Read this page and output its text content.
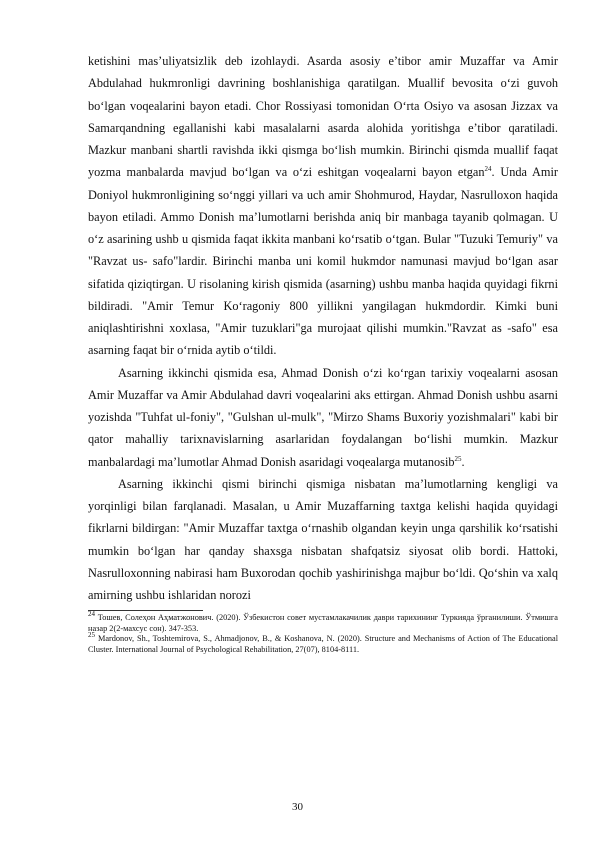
ketishini mas’uliyatsizlik deb izohlaydi. Asarda asosiy e’tibor amir Muzaffar va Amir Abdulahad hukmronligi davrining boshlanishiga qaratilgan. Muallif bevosita o‘zi guvoh bo‘lgan voqealarini bayon etadi. Chor Rossiyasi tomonidan O‘rta Osiyo va asosan Jizzax va Samarqandning egallanishi kabi masalalarni asarda alohida yoritishga e’tibor qaratiladi. Mazkur manbani shartli ravishda ikki qismga bo‘lish mumkin. Birinchi qismda muallif faqat yozma manbalarda mavjud bo‘lgan va o‘zi eshitgan voqealarni bayon etgan$^{24}$. Unda Amir Doniyol hukmronligining so‘nggi yillari va uch amir Shohmurod, Haydar, Nasrulloxon haqida bayon etiladi. Ammo Donish ma’lumotlarni berishda aniq bir manbaga tayanib qolmagan. U o‘z asarining ushb u qismida faqat ikkita manbani ko‘rsatib o‘tgan. Bular "Tuzuki Temuriy" va "Ravzat us- safo"lardir. Birinchi manba uni komil hukmdor namunasi mavjud bo‘lgan asar sifatida qiziqtirgan. U risolaning kirish qismida (asarning) ushbu manba haqida quyidagi fikrni bildiradi. "Amir Temur Ko‘ragoniy 800 yillikni yangilagan hukmdordir. Kimki buni aniqlashtirishni xoxlasa, "Amir tuzuklari"ga murojaat qilishi mumkin."Ravzat as -safo" esa asarning faqat bir o‘rnida aytib o‘tildi.

Asarning ikkinchi qismida esa, Ahmad Donish o‘zi ko‘rgan tarixiy voqealarni asosan Amir Muzaffar va Amir Abdulahad davri voqealarini aks ettirgan. Ahmad Donish ushbu asarni yozishda "Tuhfat ul-foniy", "Gulshan ul-mulk", "Mirzo Shams Buxoriy yozishmalari" kabi bir qator mahalliy tarixnavislarning asarlaridan foydalangan bo‘lishi mumkin. Mazkur manbalardagi ma’lumotlar Ahmad Donish asaridagi voqealarga mutanosib$^{25}$.

Asarning ikkinchi qismi birinchi qismiga nisbatan ma’lumotlarning kengligi va yorqinligi bilan farqlanadi. Masalan, u Amir Muzaffarning taxtga kelishi haqida quyidagi fikrlarni bildirgan: "Amir Muzaffar taxtga o‘rnashib olgandan keyin unga qarshilik ko‘rsatishi mumkin bo‘lgan har qanday shaxsga nisbatan shafqatsiz siyosat olib bordi. Hattoki, Nasrulloxonning nabirasi ham Buxorodan qochib yashirinishga majbur bo‘ldi. Qo‘shin va xalq amirning ushbu ishlaridan norozi

$^{24}$ Тошев, Солеҳон Аҳматжонович. (2020). Ўзбекистон совет мустамлакачилик даври тарихининг Туркияда ўрганилиши. Ўтмишга назар 2(2-махсус сон). 347-353.

$^{25}$ Mardonov, Sh., Toshtemirova, S., Ahmadjonov, B., & Koshanova, N. (2020). Structure and Mechanisms of Action of The Educational Cluster. International Journal of Psychological Rehabilitation, 27(07), 8104-8111.

30
